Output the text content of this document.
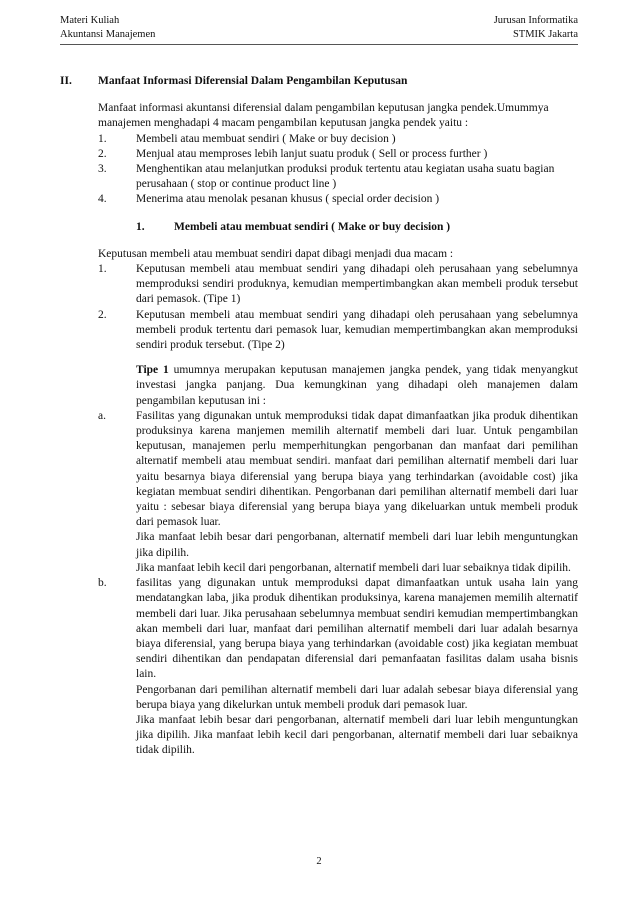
Materi Kuliah
Akuntansi Manajemen
Jurusan Informatika
STMIK Jakarta
II.	Manfaat Informasi Diferensial Dalam Pengambilan Keputusan
Manfaat informasi akuntansi diferensial dalam pengambilan keputusan jangka pendek.Umummya manajemen menghadapi 4 macam pengambilan keputusan jangka pendek yaitu :
1.	Membeli atau membuat sendiri ( Make or buy decision )
2.	Menjual atau memproses lebih lanjut suatu produk ( Sell or process further )
3.	Menghentikan atau melanjutkan produksi produk tertentu atau kegiatan usaha suatu bagian perusahaan ( stop or continue product line )
4.	Menerima atau menolak pesanan khusus ( special order decision )
1.	Membeli atau membuat sendiri ( Make or buy decision )
Keputusan membeli atau membuat sendiri dapat dibagi menjadi dua macam :
1.	Keputusan membeli atau membuat sendiri yang dihadapi oleh perusahaan yang sebelumnya memproduksi sendiri produknya, kemudian mempertimbangkan akan membeli produk tersebut dari pemasok. (Tipe 1)
2.	Keputusan membeli atau membuat sendiri yang dihadapi oleh perusahaan yang sebelumnya membeli produk tertentu dari pemasok luar, kemudian mempertimbangkan akan memproduksi sendiri produk tersebut. (Tipe 2)
Tipe 1 umumnya merupakan keputusan manajemen jangka pendek, yang tidak menyangkut investasi jangka panjang. Dua kemungkinan yang dihadapi oleh manajemen dalam pengambilan keputusan ini :
a.	Fasilitas yang digunakan untuk memproduksi tidak dapat dimanfaatkan jika produk dihentikan produksinya karena manjemen memilih alternatif membeli dari luar. Untuk pengambilan keputusan, manajemen perlu memperhitungkan pengorbanan dan manfaat dari pemilihan alternatif membeli atau membuat sendiri. manfaat dari pemilihan alternatif membeli dari luar yaitu besarnya biaya diferensial yang berupa biaya yang terhindarkan (avoidable cost) jika kegiatan membuat sendiri dihentikan. Pengorbanan dari pemilihan alternatif membeli dari luar yaitu : sebesar biaya diferensial yang berupa biaya yang dikeluarkan untuk membeli produk dari pemasok luar.
Jika manfaat lebih besar dari pengorbanan, alternatif membeli dari luar lebih menguntungkan jika dipilih.
Jika manfaat lebih kecil dari pengorbanan, alternatif membeli dari luar sebaiknya tidak dipilih.
b.	fasilitas yang digunakan untuk memproduksi dapat dimanfaatkan untuk usaha lain yang mendatangkan laba, jika produk dihentikan produksinya, karena manajemen memilih alternatif membeli dari luar. Jika perusahaan sebelumnya membuat sendiri kemudian mempertimbangkan akan membeli dari luar, manfaat dari pemilihan alternatif membeli dari luar adalah besarnya biaya diferensial, yang berupa biaya yang terhindarkan (avoidable cost) jika kegiatan membuat sendiri dihentikan dan pendapatan diferensial dari pemanfaatan fasilitas dalam usaha bisnis lain.
Pengorbanan dari pemilihan alternatif membeli dari luar adalah sebesar biaya diferensial yang berupa biaya yang dikelurkan untuk membeli produk dari pemasok luar.
Jika manfaat lebih besar dari pengorbanan, alternatif membeli dari luar lebih menguntungkan jika dipilih. Jika manfaat lebih kecil dari pengorbanan, alternatif membeli dari luar sebaiknya tidak dipilih.
2
